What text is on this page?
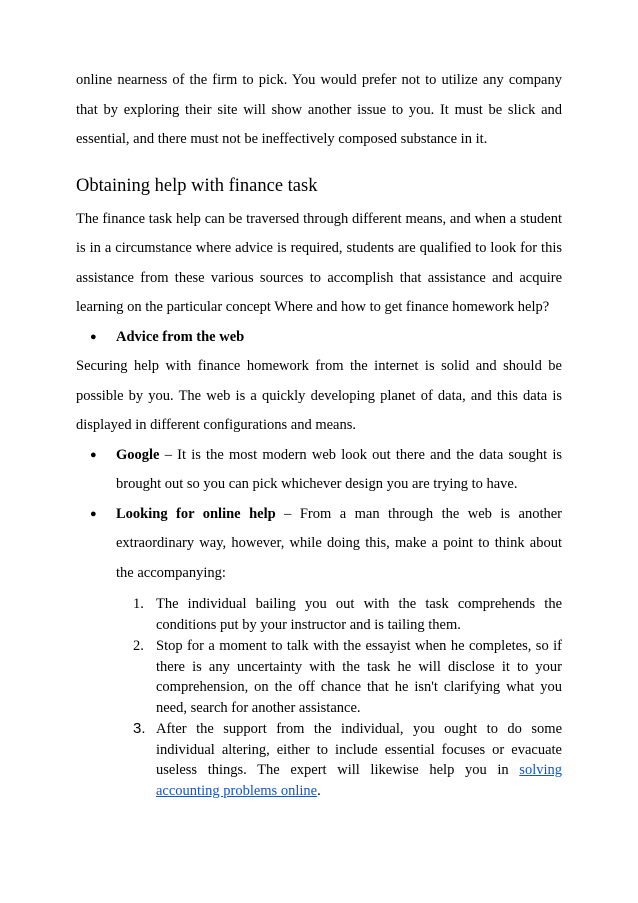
online nearness of the firm to pick. You would prefer not to utilize any company that by exploring their site will show another issue to you. It must be slick and essential, and there must not be ineffectively composed substance in it.

Obtaining help with finance task

The finance task help can be traversed through different means, and when a student is in a circumstance where advice is required, students are qualified to look for this assistance from these various sources to accomplish that assistance and acquire learning on the particular concept Where and how to get finance homework help?

● Advice from the web

Securing help with finance homework from the internet is solid and should be possible by you. The web is a quickly developing planet of data, and this data is displayed in different configurations and means.

● Google – It is the most modern web look out there and the data sought is brought out so you can pick whichever design you are trying to have.

● Looking for online help – From a man through the web is another extraordinary way, however, while doing this, make a point to think about the accompanying:

1. The individual bailing you out with the task comprehends the conditions put by your instructor and is tailing them.

2. Stop for a moment to talk with the essayist when he completes, so if there is any uncertainty with the task he will disclose it to your comprehension, on the off chance that he isn't clarifying what you need, search for another assistance.

3. After the support from the individual, you ought to do some individual altering, either to include essential focuses or evacuate useless things. The expert will likewise help you in solving accounting problems online.
